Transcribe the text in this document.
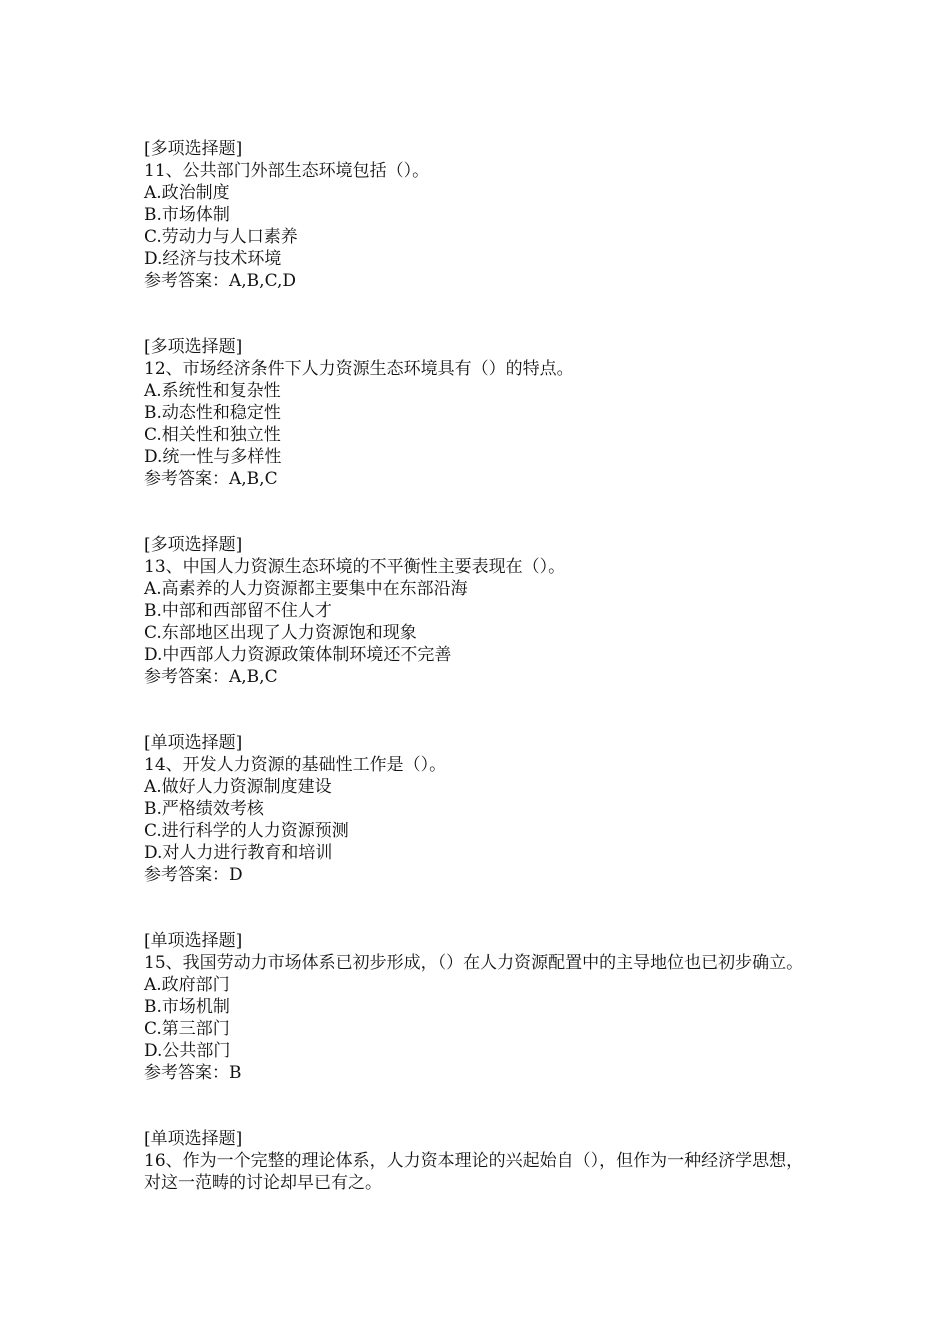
[多项选择题]
11、公共部门外部生态环境包括（）。
A.政治制度
B.市场体制
C.劳动力与人口素养
D.经济与技术环境
参考答案：A,B,C,D
[多项选择题]
12、市场经济条件下人力资源生态环境具有（）的特点。
A.系统性和复杂性
B.动态性和稳定性
C.相关性和独立性
D.统一性与多样性
参考答案：A,B,C
[多项选择题]
13、中国人力资源生态环境的不平衡性主要表现在（）。
A.高素养的人力资源都主要集中在东部沿海
B.中部和西部留不住人才
C.东部地区出现了人力资源饱和现象
D.中西部人力资源政策体制环境还不完善
参考答案：A,B,C
[单项选择题]
14、开发人力资源的基础性工作是（）。
A.做好人力资源制度建设
B.严格绩效考核
C.进行科学的人力资源预测
D.对人力进行教育和培训
参考答案：D
[单项选择题]
15、我国劳动力市场体系已初步形成，（）在人力资源配置中的主导地位也已初步确立。
A.政府部门
B.市场机制
C.第三部门
D.公共部门
参考答案：B
[单项选择题]
16、作为一个完整的理论体系，人力资本理论的兴起始自（），但作为一种经济学思想，对这一范畴的讨论却早已有之。
